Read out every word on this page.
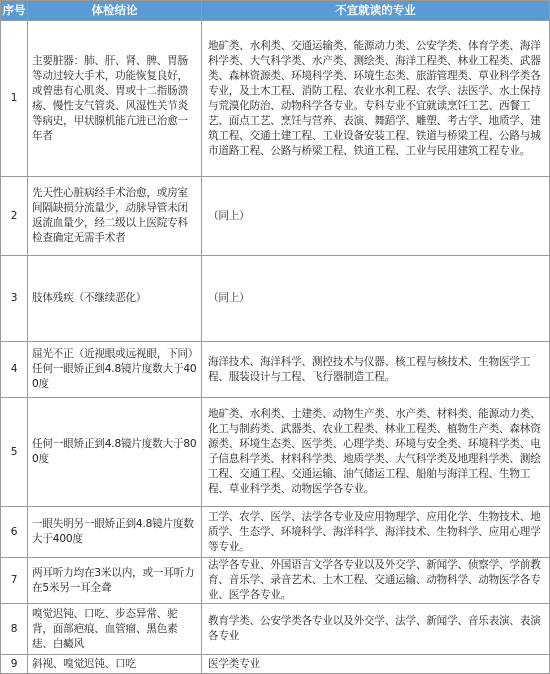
序号	体检结论	不宜就读的专业
1	主要脏器：肺、肝、肾、脾、胃肠等动过较大手术，功能恢复良好，或曾患有心肌炎、胃或十二指肠溃疡、慢性支气管炎、风湿性关节炎等病史，甲状腺机能亢进已治愈一年者	地矿类、水利类、交通运输类、能源动力类、公安学类、体育学类、海洋科学类、大气科学类、水产类、测绘类、海洋工程类、林业工程类、武器类、森林资源类、环境科学类、环境生态类、旅游管理类、草业科学类各专业，及土木工程、消防工程、农业水利工程、农学、法医学、水土保持与荒漠化防治、动物科学各专业。专科专业不宜就读烹饪工艺、西餐工艺、面点工艺、烹饪与营养、表演、舞蹈学、雕塑、考古学、地质学、建筑工程、交通土建工程、工业设备安装工程、铁道与桥梁工程、公路与城市道路工程、公路与桥梁工程、铁道工程、工业与民用建筑工程专业。
2	先天性心脏病经手术治愈，或房室间隔缺损分流量少，动脉导管未闭返流血量少，经二级以上医院专科检查确定无需手术者	（同上）
3	肢体残疾（不继续恶化）	（同上）
4	屈光不正（近视眼或远视眼，下同）任何一眼矫正到4.8镜片度数大于400度	海洋技术、海洋科学、测控技术与仪器、核工程与核技术、生物医学工程、服装设计与工程、飞行器制造工程。
5	任何一眼矫正到4.8镜片度数大于800度	地矿类、水利类、土建类、动物生产类、水产类、材料类、能源动力类、化工与制药类、武器类、农业工程类、林业工程类、植物生产类、森林资源类、环境生态类、医学类、心理学类、环境与安全类、环境科学类、电子信息科学类、材料科学类、地质学类、大气科学类及地理科学类、测绘工程、交通工程、交通运输、油气储运工程、船舶与海洋工程、生物工程、草业科学类、动物医学各专业。
6	一眼失明另一眼矫正到4.8镜片度数大于400度	工学、农学、医学、法学各专业及应用物理学、应用化学、生物技术、地质学、生态学、环境科学、海洋科学、海洋技术、生物科学、应用心理学等专业。
7	两耳听力均在3米以内，或一耳听力在5米另一耳全聋	法学各专业、外国语言文学各专业以及外交学、新闻学、侦察学、学前教育、音乐学、录音艺术、土木工程、交通运输、动物科学、动物医学各专业、医学各专业。
8	嗅觉迟钝、口吃、步态异常、驼背，面部疤痕、血管瘤、黑色素痣、白癜风	教育学类、公安学类各专业以及外交学、法学、新闻学、音乐表演、表演各专业
9	斜视、嗅觉迟钝、口吃	医学类专业
